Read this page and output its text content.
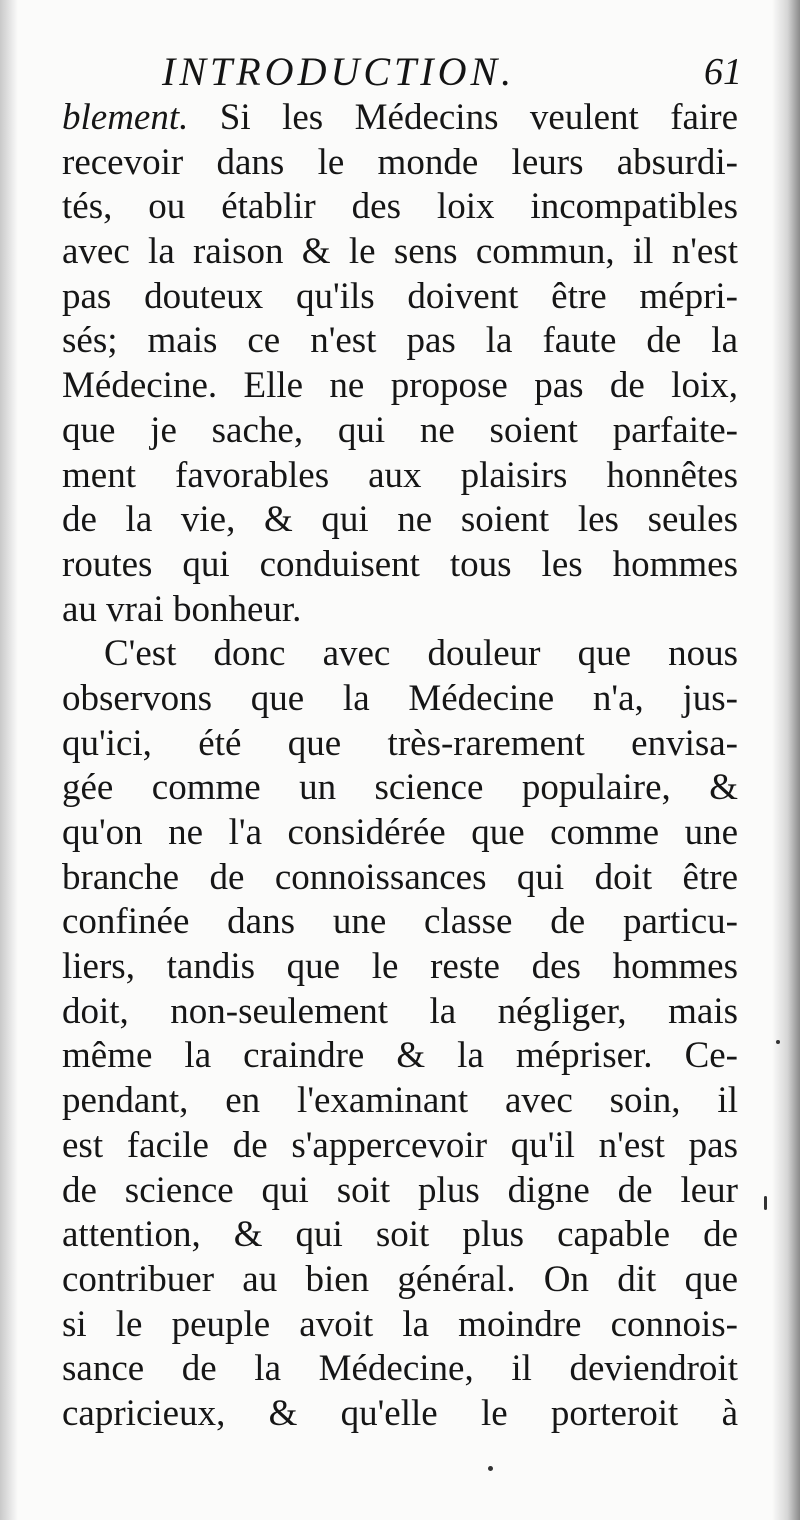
INTRODUCTION.	61
blement. Si les Médecins veulent faire
recevoir dans le monde leurs absurdi-
tés, ou établir des loix incompatibles
avec la raison & le sens commun, il n'est
pas douteux qu'ils doivent être mépri-
sés; mais ce n'est pas la faute de la
Médecine. Elle ne propose pas de loix,
que je sache, qui ne soient parfaite-
ment favorables aux plaisirs honnêtes
de la vie, & qui ne soient les seules
routes qui conduisent tous les hommes
au vrai bonheur.
C'est donc avec douleur que nous
observons que la Médecine n'a, jus-
qu'ici, été que très-rarement envisa-
gée comme un science populaire, &
qu'on ne l'a considérée que comme une
branche de connoissances qui doit être
confinée dans une classe de particu-
liers, tandis que le reste des hommes
doit, non-seulement la négliger, mais
même la craindre & la mépriser. Ce-
pendant, en l'examinant avec soin, il
est facile de s'appercevoir qu'il n'est pas
de science qui soit plus digne de leur
attention, & qui soit plus capable de
contribuer au bien général. On dit que
si le peuple avoit la moindre connois-
sance de la Médecine, il deviendroit
capricieux, & qu'elle le porteroit à
